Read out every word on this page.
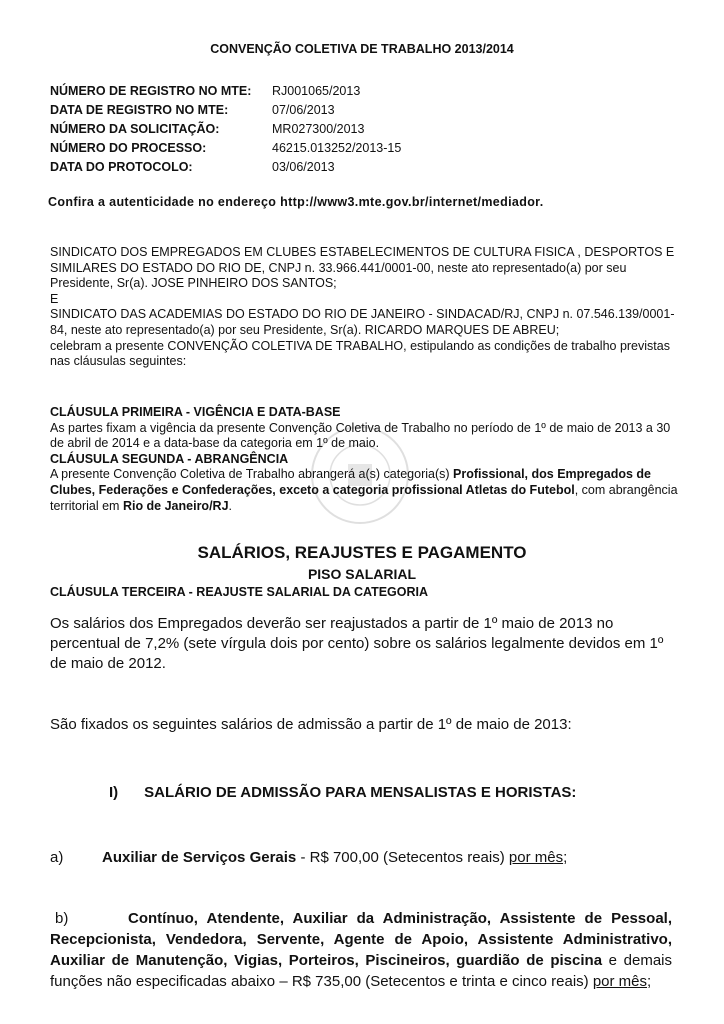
CONVENÇÃO COLETIVA DE TRABALHO 2013/2014
NÚMERO DE REGISTRO NO MTE: RJ001065/2013
DATA DE REGISTRO NO MTE:	07/06/2013
NÚMERO DA SOLICITAÇÃO:	MR027300/2013
NÚMERO DO PROCESSO:	46215.013252/2013-15
DATA DO PROTOCOLO:	03/06/2013
Confira a autenticidade no endereço http://www3.mte.gov.br/internet/mediador.

SINDICATO DOS EMPREGADOS EM CLUBES ESTABELECIMENTOS DE CULTURA FISICA , DESPORTOS E SIMILARES DO ESTADO DO RIO DE, CNPJ n. 33.966.441/0001-00, neste ato representado(a) por seu Presidente, Sr(a). JOSE PINHEIRO DOS SANTOS;

E

SINDICATO DAS ACADEMIAS DO ESTADO DO RIO DE JANEIRO - SINDACAD/RJ, CNPJ n. 07.546.139/0001-84, neste ato representado(a) por seu Presidente, Sr(a). RICARDO MARQUES DE ABREU;

celebram a presente CONVENÇÃO COLETIVA DE TRABALHO, estipulando as condições de trabalho previstas nas cláusulas seguintes:

CLÁUSULA PRIMEIRA - VIGÊNCIA E DATA-BASE

As partes fixam a vigência da presente Convenção Coletiva de Trabalho no período de 1º de maio de 2013 a 30 de abril de 2014 e a data-base da categoria em 1º de maio.

CLÁUSULA SEGUNDA - ABRANGÊNCIA

A presente Convenção Coletiva de Trabalho abrangerá a(s) categoria(s) Profissional, dos Empregados de Clubes, Federações e Confederações, exceto a categoria profissional Atletas do Futebol, com abrangência territorial em Rio de Janeiro/RJ.

SALÁRIOS, REAJUSTES E PAGAMENTO
PISO SALARIAL
CLÁUSULA TERCEIRA - REAJUSTE SALARIAL DA CATEGORIA
Os salários dos Empregados deverão ser reajustados a partir de 1º maio de 2013 no percentual de 7,2% (sete vírgula dois por cento) sobre os salários legalmente devidos em 1º de maio de 2012.
São fixados os seguintes salários de admissão a partir de 1º de maio de 2013:
I) SALÁRIO DE ADMISSÃO PARA MENSALISTAS E HORISTAS:
a)	Auxiliar de Serviços Gerais - R$ 700,00 (Setecentos reais) por mês;
b)	Contínuo, Atendente, Auxiliar da Administração, Assistente de Pessoal, Recepcionista, Vendedora, Servente, Agente de Apoio, Assistente Administrativo, Auxiliar de Manutenção, Vigias, Porteiros, Piscineiros, guardião de piscina e demais funções não especificadas abaixo – R$ 735,00 (Setecentos e trinta e cinco reais) por mês;
